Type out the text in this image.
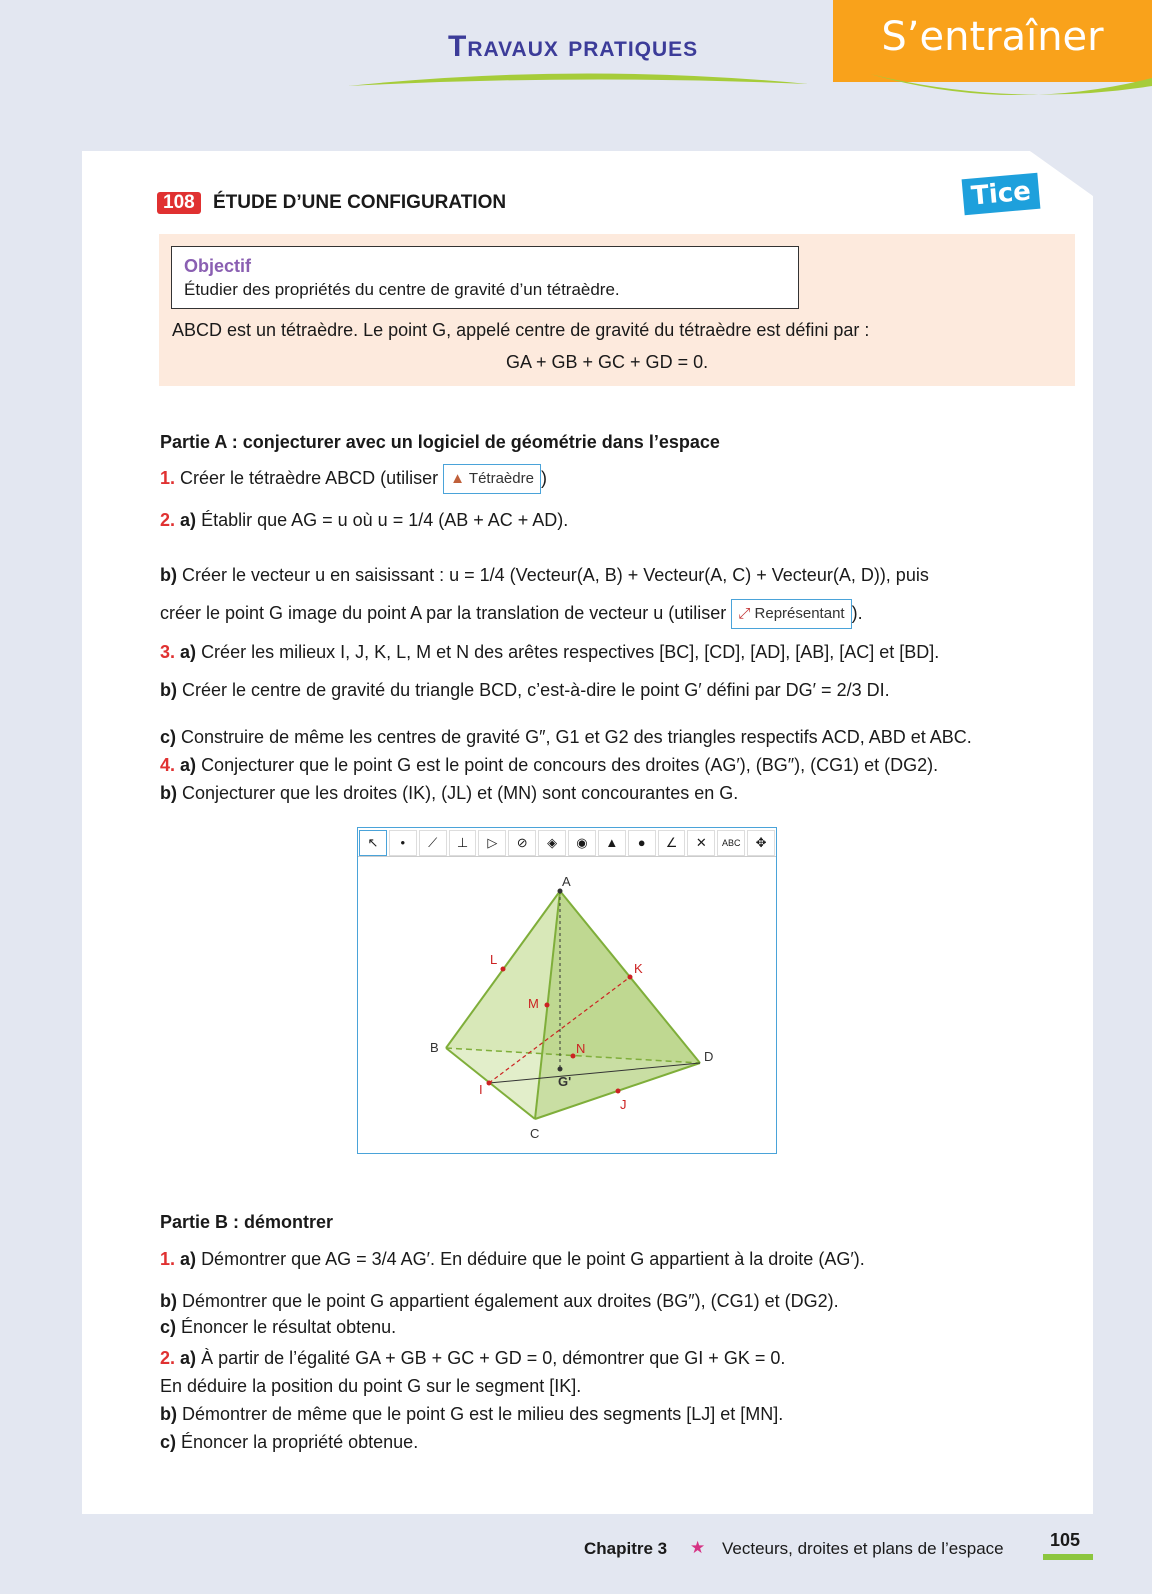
Travaux pratiques	S’entraîner
108 ÉTUDE D’UNE CONFIGURATION	Tice
Objectif
Étudier des propriétés du centre de gravité d’un tétraèdre.
ABCD est un tétraèdre. Le point G, appelé centre de gravité du tétraèdre est défini par :
GA + GB + GC + GD = 0.
Partie A : conjecturer avec un logiciel de géométrie dans l’espace
1. Créer le tétraèdre ABCD (utiliser ▲ Tétraèdre )
2. a) Établir que AG = u où u = 1/4 (AB + AC + AD).
b) Créer le vecteur u en saisissant : u = 1/4 (Vecteur(A, B) + Vecteur(A, C) + Vecteur(A, D)), puis
créer le point G image du point A par la translation de vecteur u (utiliser ⤢ Représentant ).
3. a) Créer les milieux I, J, K, L, M et N des arêtes respectives [BC], [CD], [AD], [AB], [AC] et [BD].
b) Créer le centre de gravité du triangle BCD, c’est-à-dire le point G′ défini par DG′ = 2/3 DI.
c) Construire de même les centres de gravité G″, G1 et G2 des triangles respectifs ACD, ABD et ABC.
4. a) Conjecturer que le point G est le point de concours des droites (AG′), (BG″), (CG1) et (DG2).
b) Conjecturer que les droites (IK), (JL) et (MN) sont concourantes en G.
↖	•	⟋	⊥	▷	⊘	◈	◉	▲	●	∠	✕	ABC	✥
A
B
C
D
L
K
M
N
I
J
G'
Partie B : démontrer
1. a) Démontrer que AG = 3/4 AG′. En déduire que le point G appartient à la droite (AG′).
b) Démontrer que le point G appartient également aux droites (BG″), (CG1) et (DG2).
c) Énoncer le résultat obtenu.
2. a) À partir de l’égalité GA + GB + GC + GD = 0, démontrer que GI + GK = 0.
En déduire la position du point G sur le segment [IK].
b) Démontrer de même que le point G est le milieu des segments [LJ] et [MN].
c) Énoncer la propriété obtenue.
Chapitre 3 ★ Vecteurs, droites et plans de l’espace	105
